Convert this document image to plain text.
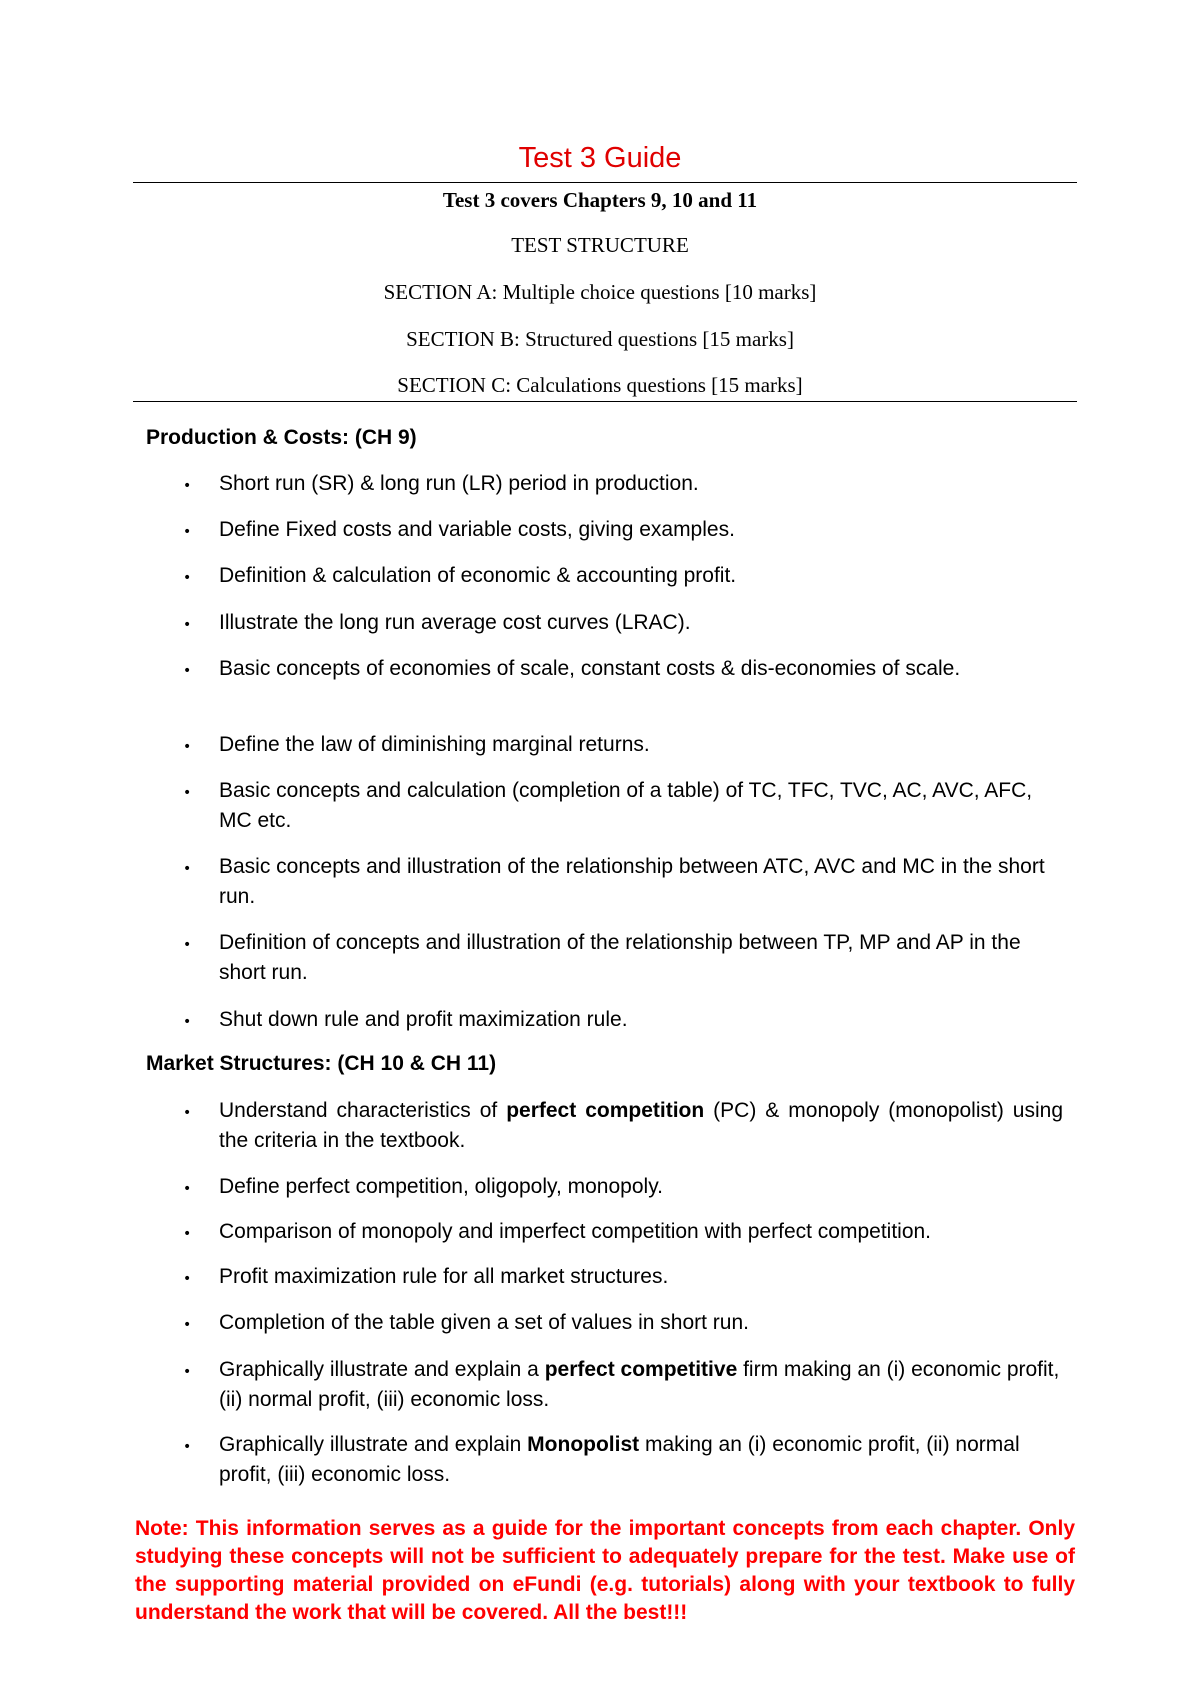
Test 3 Guide
Test 3 covers Chapters 9, 10 and 11
TEST STRUCTURE
SECTION A: Multiple choice questions [10 marks]
SECTION B: Structured questions [15 marks]
SECTION C: Calculations questions [15 marks]
Production & Costs: (CH 9)
• Short run (SR) & long run (LR) period in production.
• Define Fixed costs and variable costs, giving examples.
• Definition & calculation of economic & accounting profit.
• Illustrate the long run average cost curves (LRAC).
• Basic concepts of economies of scale, constant costs & dis-economies of scale.
• Define the law of diminishing marginal returns.
• Basic concepts and calculation (completion of a table) of TC, TFC, TVC, AC, AVC, AFC, MC etc.
• Basic concepts and illustration of the relationship between ATC, AVC and MC in the short run.
• Definition of concepts and illustration of the relationship between TP, MP and AP in the short run.
• Shut down rule and profit maximization rule.
Market Structures: (CH 10 & CH 11)
• Understand characteristics of perfect competition (PC) & monopoly (monopolist) using the criteria in the textbook.
• Define perfect competition, oligopoly, monopoly.
• Comparison of monopoly and imperfect competition with perfect competition.
• Profit maximization rule for all market structures.
• Completion of the table given a set of values in short run.
• Graphically illustrate and explain a perfect competitive firm making an (i) economic profit, (ii) normal profit, (iii) economic loss.
• Graphically illustrate and explain Monopolist making an (i) economic profit, (ii) normal profit, (iii) economic loss.
Note: This information serves as a guide for the important concepts from each chapter. Only studying these concepts will not be sufficient to adequately prepare for the test. Make use of the supporting material provided on eFundi (e.g. tutorials) along with your textbook to fully understand the work that will be covered. All the best!!!
